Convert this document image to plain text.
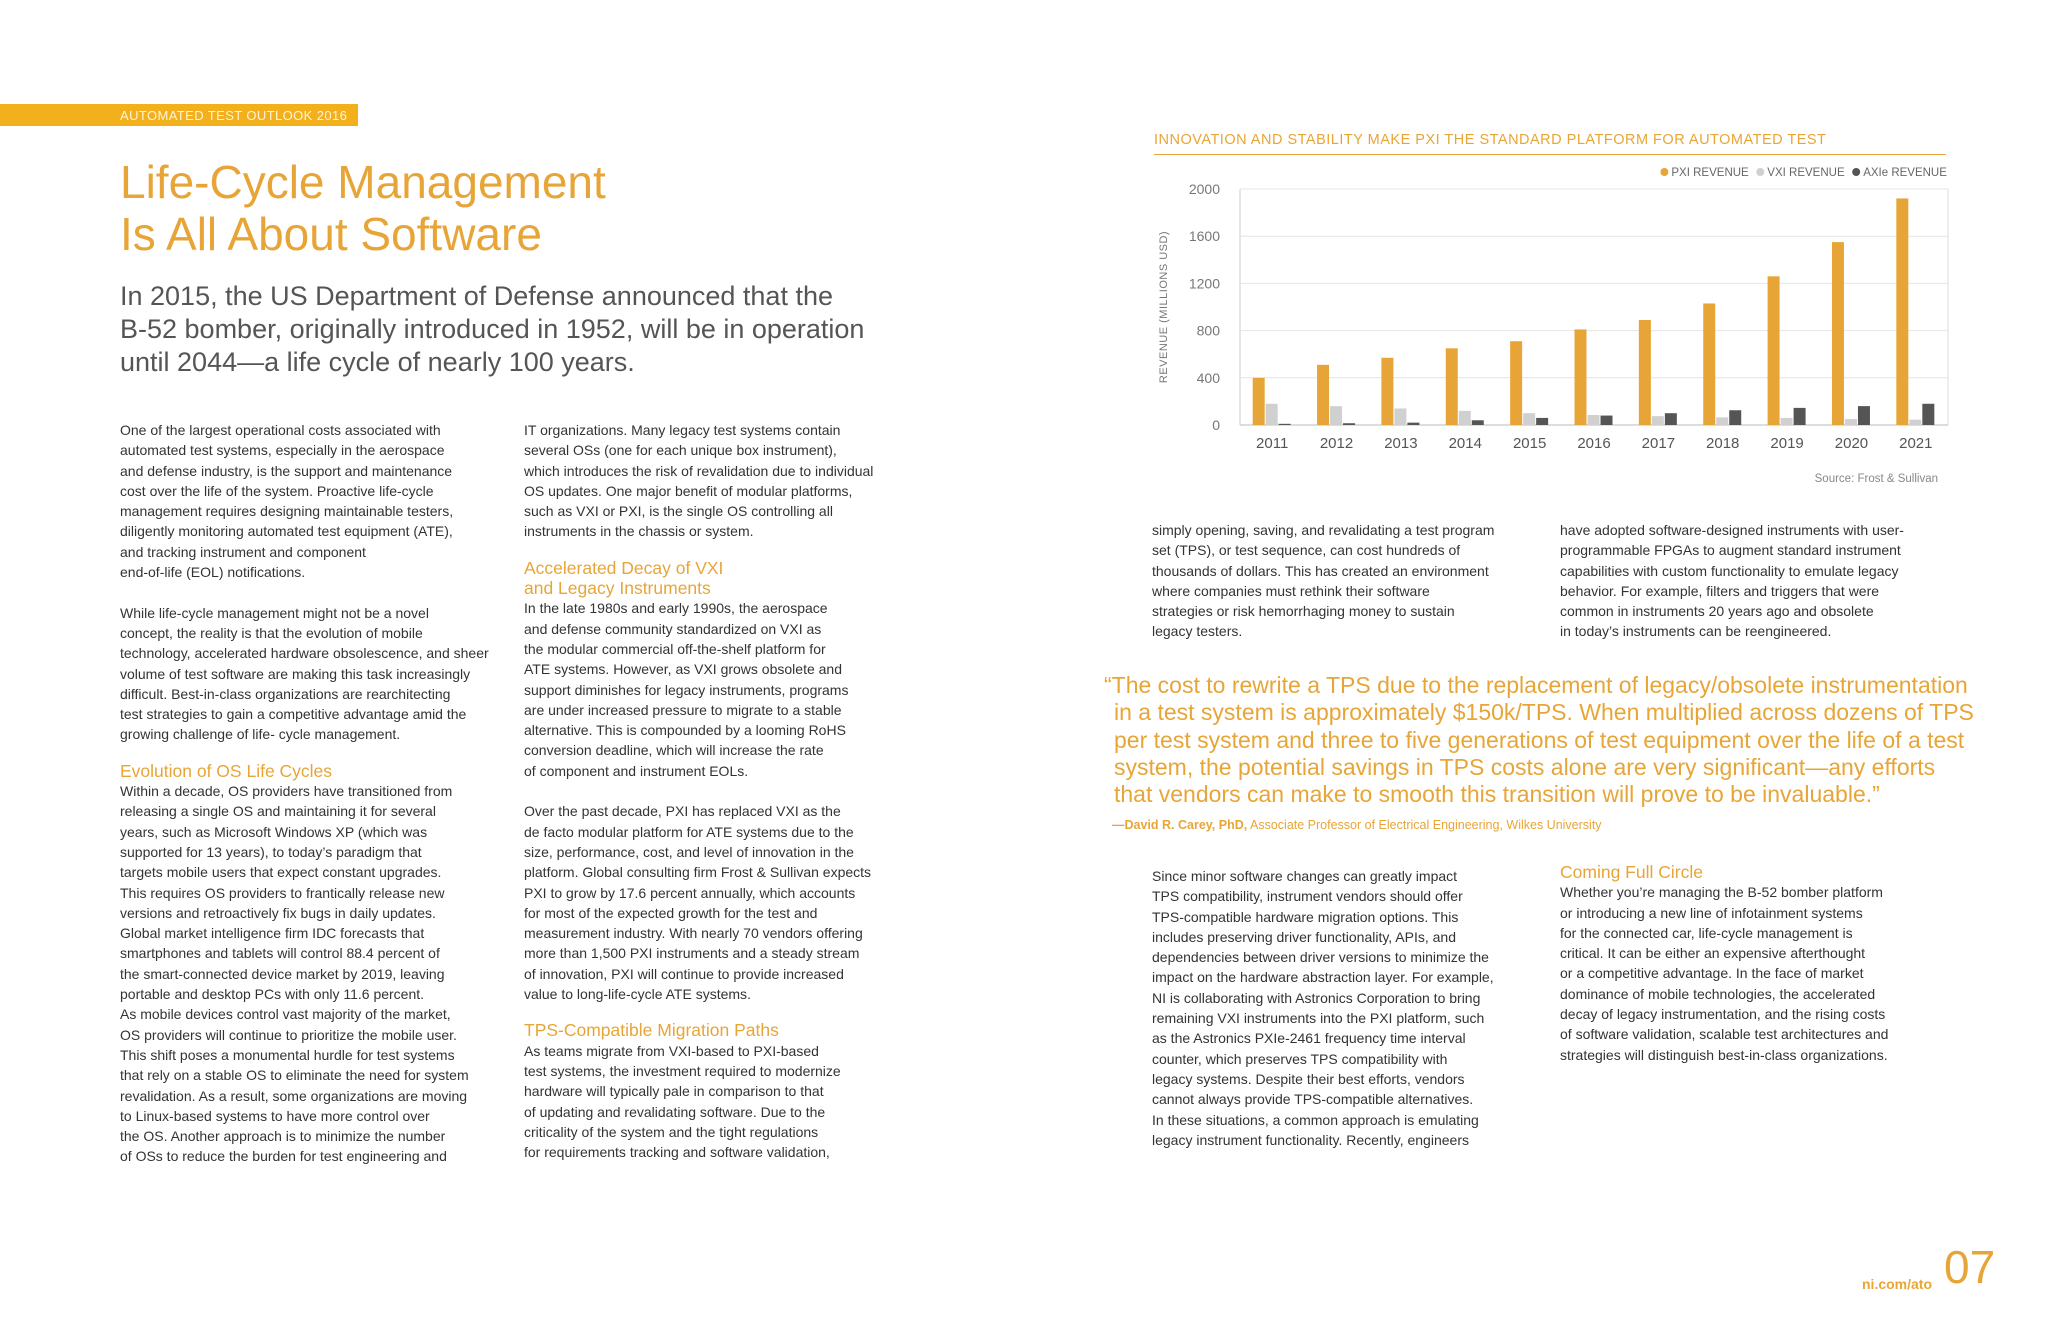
AUTOMATED TEST OUTLOOK 2016
Life-Cycle Management
Is All About Software
In 2015, the US Department of Defense announced that the
B-52 bomber, originally introduced in 1952, will be in operation
until 2044—a life cycle of nearly 100 years.
One of the largest operational costs associated with
automated test systems, especially in the aerospace
and defense industry, is the support and maintenance
cost over the life of the system. Proactive life-cycle
management requires designing maintainable testers,
diligently monitoring automated test equipment (ATE),
and tracking instrument and component
end-of-life (EOL) notifications.
While life-cycle management might not be a novel
concept, the reality is that the evolution of mobile
technology, accelerated hardware obsolescence, and sheer
volume of test software are making this task increasingly
difficult. Best-in-class organizations are rearchitecting
test strategies to gain a competitive advantage amid the
growing challenge of life- cycle management.
Evolution of OS Life Cycles
Within a decade, OS providers have transitioned from
releasing a single OS and maintaining it for several
years, such as Microsoft Windows XP (which was
supported for 13 years), to today’s paradigm that
targets mobile users that expect constant upgrades.
This requires OS providers to frantically release new
versions and retroactively fix bugs in daily updates.
Global market intelligence firm IDC forecasts that
smartphones and tablets will control 88.4 percent of
the smart-connected device market by 2019, leaving
portable and desktop PCs with only 11.6 percent.
As mobile devices control vast majority of the market,
OS providers will continue to prioritize the mobile user.
This shift poses a monumental hurdle for test systems
that rely on a stable OS to eliminate the need for system
revalidation. As a result, some organizations are moving
to Linux-based systems to have more control over
the OS. Another approach is to minimize the number
of OSs to reduce the burden for test engineering and
IT organizations. Many legacy test systems contain
several OSs (one for each unique box instrument),
which introduces the risk of revalidation due to individual
OS updates. One major benefit of modular platforms,
such as VXI or PXI, is the single OS controlling all
instruments in the chassis or system.
Accelerated Decay of VXI
and Legacy Instruments
In the late 1980s and early 1990s, the aerospace
and defense community standardized on VXI as
the modular commercial off-the-shelf platform for
ATE systems. However, as VXI grows obsolete and
support diminishes for legacy instruments, programs
are under increased pressure to migrate to a stable
alternative. This is compounded by a looming RoHS
conversion deadline, which will increase the rate
of component and instrument EOLs.
Over the past decade, PXI has replaced VXI as the
de facto modular platform for ATE systems due to the
size, performance, cost, and level of innovation in the
platform. Global consulting firm Frost & Sullivan expects
PXI to grow by 17.6 percent annually, which accounts
for most of the expected growth for the test and
measurement industry. With nearly 70 vendors offering
more than 1,500 PXI instruments and a steady stream
of innovation, PXI will continue to provide increased
value to long-life-cycle ATE systems.
TPS-Compatible Migration Paths
As teams migrate from VXI-based to PXI-based
test systems, the investment required to modernize
hardware will typically pale in comparison to that
of updating and revalidating software. Due to the
criticality of the system and the tight regulations
for requirements tracking and software validation,
INNOVATION AND STABILITY MAKE PXI THE STANDARD PLATFORM FOR AUTOMATED TEST
0
400
800
1200
1600
2000
REVENUE (MILLIONS USD)
2011 2012 2013 2014 2015 2016 2017 2018 2019 2020 2021
PXI REVENUE VXI REVENUE AXIe REVENUE
Source: Frost & Sullivan
simply opening, saving, and revalidating a test program
set (TPS), or test sequence, can cost hundreds of
thousands of dollars. This has created an environment
where companies must rethink their software
strategies or risk hemorrhaging money to sustain
legacy testers.
have adopted software-designed instruments with user-
programmable FPGAs to augment standard instrument
capabilities with custom functionality to emulate legacy
behavior. For example, filters and triggers that were
common in instruments 20 years ago and obsolete
in today’s instruments can be reengineered.
“The cost to rewrite a TPS due to the replacement of legacy/obsolete instrumentation
in a test system is approximately $150k/TPS. When multiplied across dozens of TPS
per test system and three to five generations of test equipment over the life of a test
system, the potential savings in TPS costs alone are very significant—any efforts
that vendors can make to smooth this transition will prove to be invaluable.”
—David R. Carey, PhD, Associate Professor of Electrical Engineering, Wilkes University
Since minor software changes can greatly impact
TPS compatibility, instrument vendors should offer
TPS-compatible hardware migration options. This
includes preserving driver functionality, APIs, and
dependencies between driver versions to minimize the
impact on the hardware abstraction layer. For example,
NI is collaborating with Astronics Corporation to bring
remaining VXI instruments into the PXI platform, such
as the Astronics PXIe-2461 frequency time interval
counter, which preserves TPS compatibility with
legacy systems. Despite their best efforts, vendors
cannot always provide TPS-compatible alternatives.
In these situations, a common approach is emulating
legacy instrument functionality. Recently, engineers
Coming Full Circle
Whether you’re managing the B-52 bomber platform
or introducing a new line of infotainment systems
for the connected car, life-cycle management is
critical. It can be either an expensive afterthought
or a competitive advantage. In the face of market
dominance of mobile technologies, the accelerated
decay of legacy instrumentation, and the rising costs
of software validation, scalable test architectures and
strategies will distinguish best-in-class organizations.
ni.com/ato 07
